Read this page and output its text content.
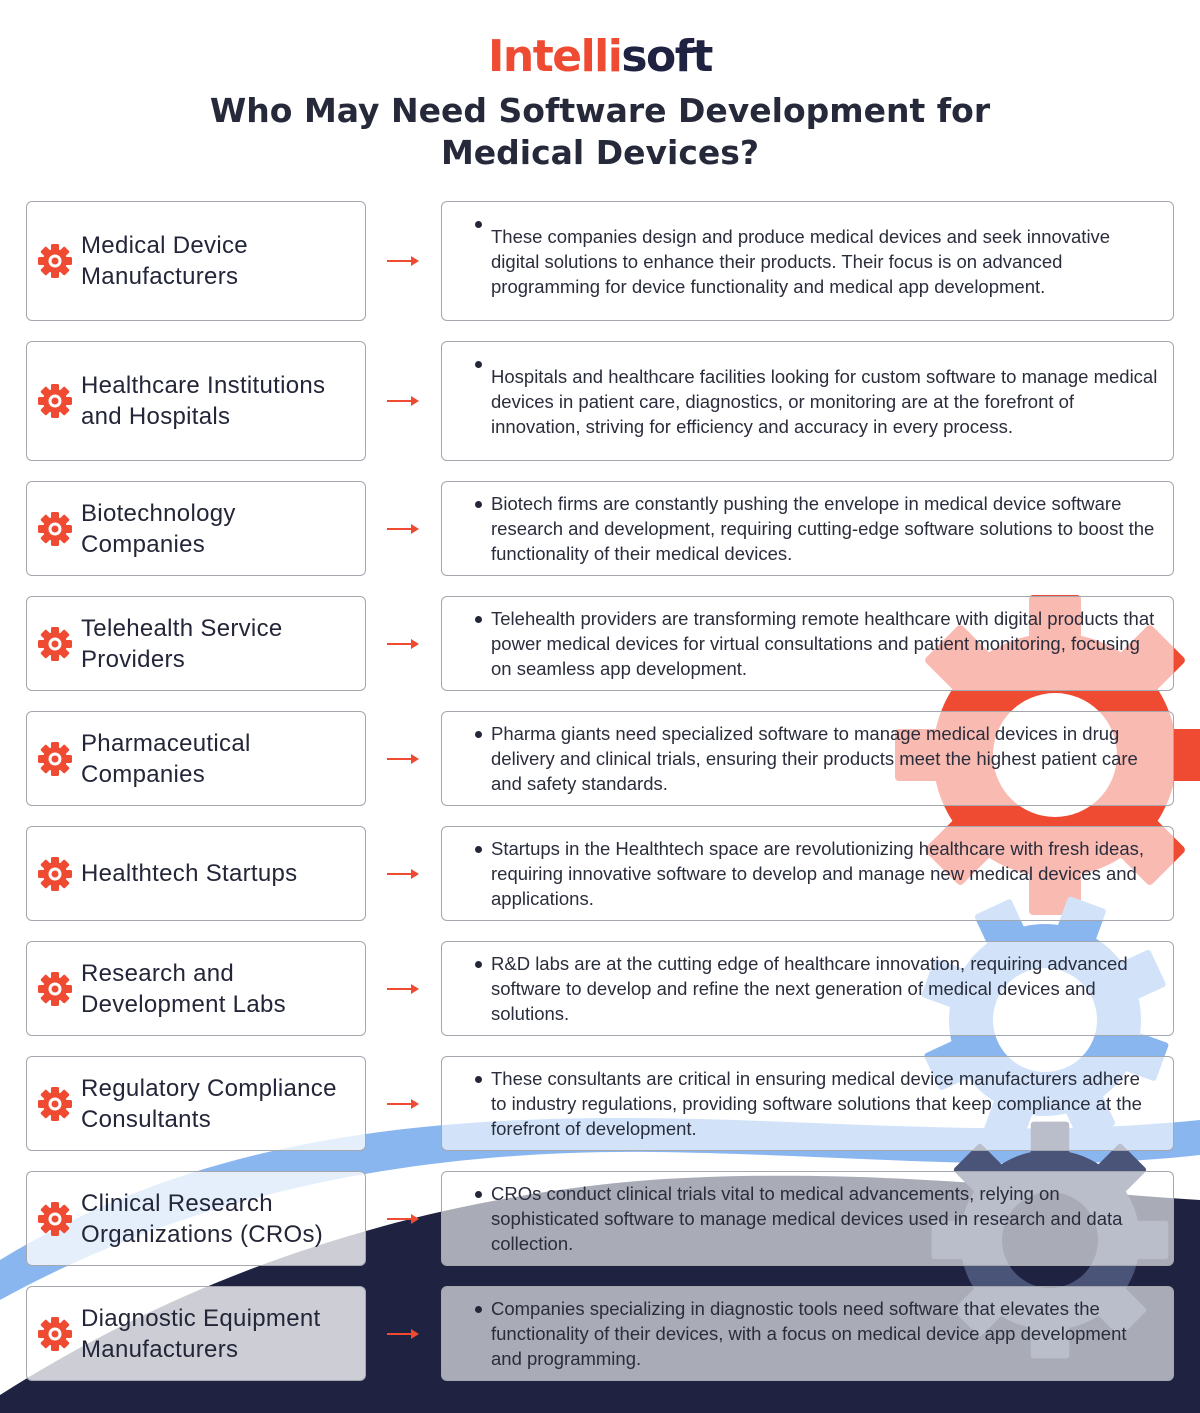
Intellisoft
Who May Need Software Development for Medical Devices?
Medical Device Manufacturers
These companies design and produce medical devices and seek innovative digital solutions to enhance their products. Their focus is on advanced programming for device functionality and medical app development.
Healthcare Institutions and Hospitals
Hospitals and healthcare facilities looking for custom software to manage medical devices in patient care, diagnostics, or monitoring are at the forefront of innovation, striving for efficiency and accuracy in every process.
Biotechnology Companies
Biotech firms are constantly pushing the envelope in medical device software research and development, requiring cutting-edge software solutions to boost the functionality of their medical devices.
Telehealth Service Providers
Telehealth providers are transforming remote healthcare with digital products that power medical devices for virtual consultations and patient monitoring, focusing on seamless app development.
Pharmaceutical Companies
Pharma giants need specialized software to manage medical devices in drug delivery and clinical trials, ensuring their products meet the highest patient care and safety standards.
Healthtech Startups
Startups in the Healthtech space are revolutionizing healthcare with fresh ideas, requiring innovative software to develop and manage new medical devices and applications.
Research and Development Labs
R&D labs are at the cutting edge of healthcare innovation, requiring advanced software to develop and refine the next generation of medical devices and solutions.
Regulatory Compliance Consultants
These consultants are critical in ensuring medical device manufacturers adhere to industry regulations, providing software solutions that keep compliance at the forefront of development.
Clinical Research Organizations (CROs)
CROs conduct clinical trials vital to medical advancements, relying on sophisticated software to manage medical devices used in research and data collection.
Diagnostic Equipment Manufacturers
Companies specializing in diagnostic tools need software that elevates the functionality of their devices, with a focus on medical device app development and programming.
